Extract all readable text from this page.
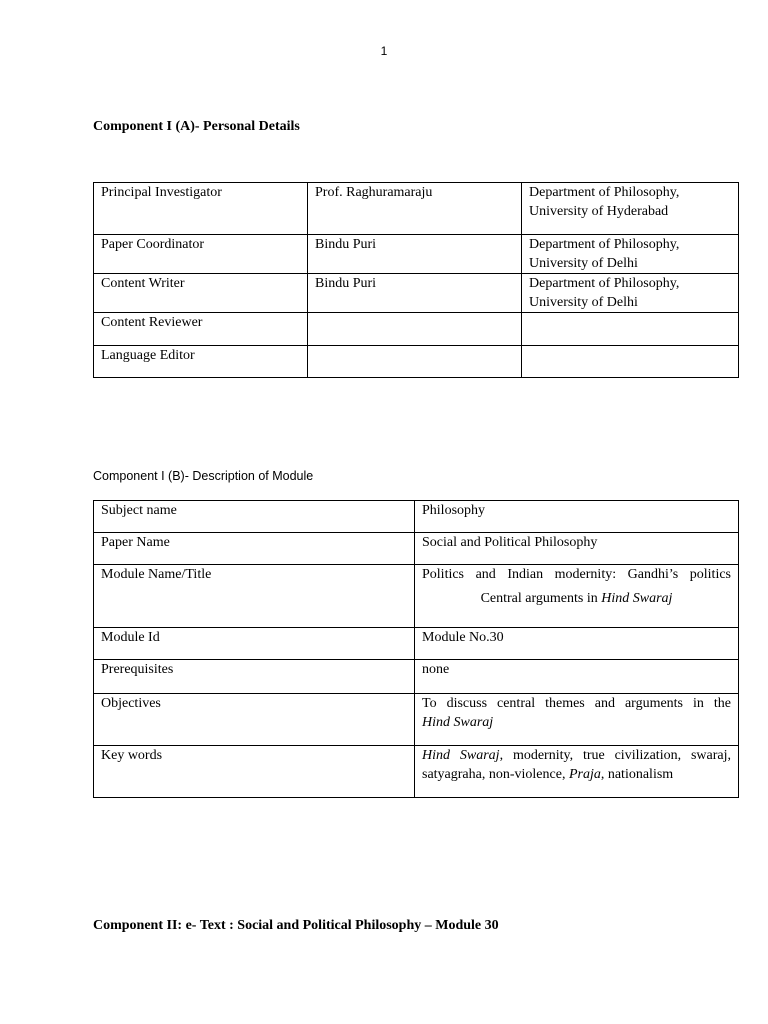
1
Component I (A)- Personal Details
Principal Investigator	Prof. Raghuramaraju	Department of Philosophy,
University of Hyderabad

Paper Coordinator	Bindu Puri	Department of Philosophy,
University of Delhi

Content Writer	Bindu Puri	Department of Philosophy,
University of Delhi

Content Reviewer		
Language Editor		
Component I (B)- Description of Module
Subject name	Philosophy
Paper Name	Social and Political Philosophy
Module Name/Title	Politics and Indian modernity: Gandhi’s politics
Central arguments in Hind Swaraj

Module Id	Module No.30
Prerequisites	none
Objectives	To discuss central themes and arguments in the
Hind Swaraj

Key words	Hind Swaraj, modernity, true civilization, swaraj,
satyagraha, non-violence, Praja, nationalism
Component II: e- Text : Social and Political Philosophy – Module 30
